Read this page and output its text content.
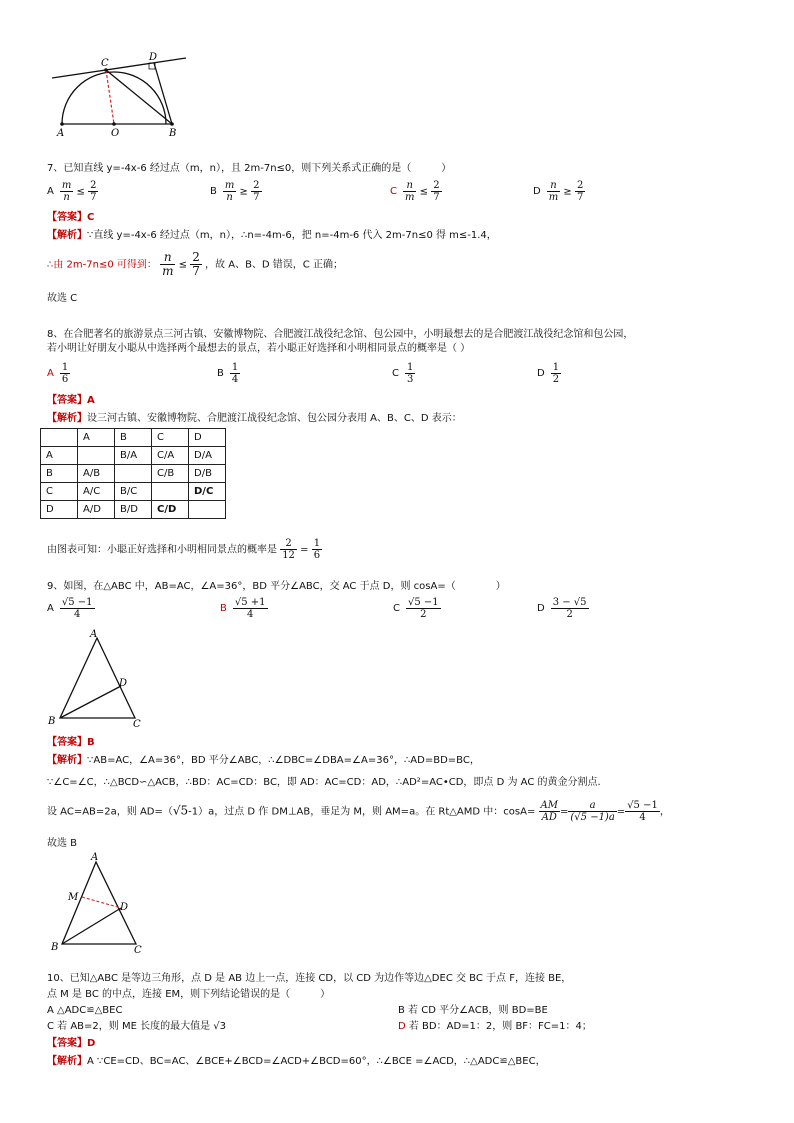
A	O	B
C
D
7、已知直线 y=-4x-6 经过点（m，n），且 2m-7n≤0，则下列关系式正确的是（　　　）
A $\frac{m}{n} \le \frac{2}{7}$	B $\frac{m}{n} \ge \frac{2}{7}$	C $\frac{n}{m} \le \frac{2}{7}$	D $\frac{n}{m} \ge \frac{2}{7}$
【答案】C
【解析】∵直线 y=-4x-6 经过点（m，n），∴n=-4m-6，把 n=-4m-6 代入 2m-7n≤0 得 m≤-1.4，
∴由 2m-7n≤0 可得到： $\frac{n}{m} \le \frac{2}{7}$ ，故 A、B、D 错误，C 正确；
故选 C
8、在合肥著名的旅游景点三河古镇、安徽博物院、合肥渡江战役纪念馆、包公园中，小明最想去的是合肥渡江战役纪念馆和包公园，
若小明让好朋友小聪从中选择两个最想去的景点，若小聪正好选择和小明相同景点的概率是（ ）
A $\frac{1}{6}$	B $\frac{1}{4}$	C $\frac{1}{3}$	D $\frac{1}{2}$
【答案】A
【解析】设三河古镇、安徽博物院、合肥渡江战役纪念馆、包公园分表用 A、B、C、D 表示：
	A	B	C	D
A		B/A	C/A	D/A
B	A/B		C/B	D/B
C	A/C	B/C		D/C
D	A/D	B/D	C/D	
由图表可知：小聪正好选择和小明相同景点的概率是 $\frac{2}{12} = \frac{1}{6}$
9、如图，在△ABC 中，AB=AC，∠A=36°，BD 平分∠ABC，交 AC 于点 D，则 cosA=（　　　　）
A $\frac{√5 -1}{4}$	B $\frac{√5 +1}{4}$	C $\frac{√5 -1}{2}$	D $\frac{3 - √5}{2}$
A
B	C
D
【答案】B
【解析】∵AB=AC，∠A=36°，BD 平分∠ABC，∴∠DBC=∠DBA=∠A=36°，∴AD=BD=BC，
∵∠C=∠C，∴△BCD∽△ACB，∴BD：AC=CD：BC，即 AD：AC=CD：AD，∴AD²=AC•CD，即点 D 为 AC 的黄金分割点.
设 AC=AB=2a，则 AD=（√5-1）a，过点 D 作 DM⊥AB，垂足为 M，则 AM=a。在 Rt△AMD 中：$\cos A= \frac{AM}{AD} = \frac{a}{(√5 -1)a} = \frac{√5 -1}{4}$ ，
故选 B
A
B	C
D
M
10、已知△ABC 是等边三角形，点 D 是 AB 边上一点，连接 CD，以 CD 为边作等边△DEC 交 BC 于点 F，连接 BE，
点 M 是 BC 的中点，连接 EM，则下列结论错误的是（　　　）
A △ADC≌△BEC	B 若 CD 平分∠ACB，则 BD=BE
C 若 AB=2，则 ME 长度的最大值是 √3	D 若 BD：AD=1：2，则 BF：FC=1：4；
【答案】D
【解析】A ∵CE=CD、BC=AC、∠BCE+∠BCD=∠ACD+∠BCD=60°，∴∠BCE =∠ACD，∴△ADC≌△BEC，
